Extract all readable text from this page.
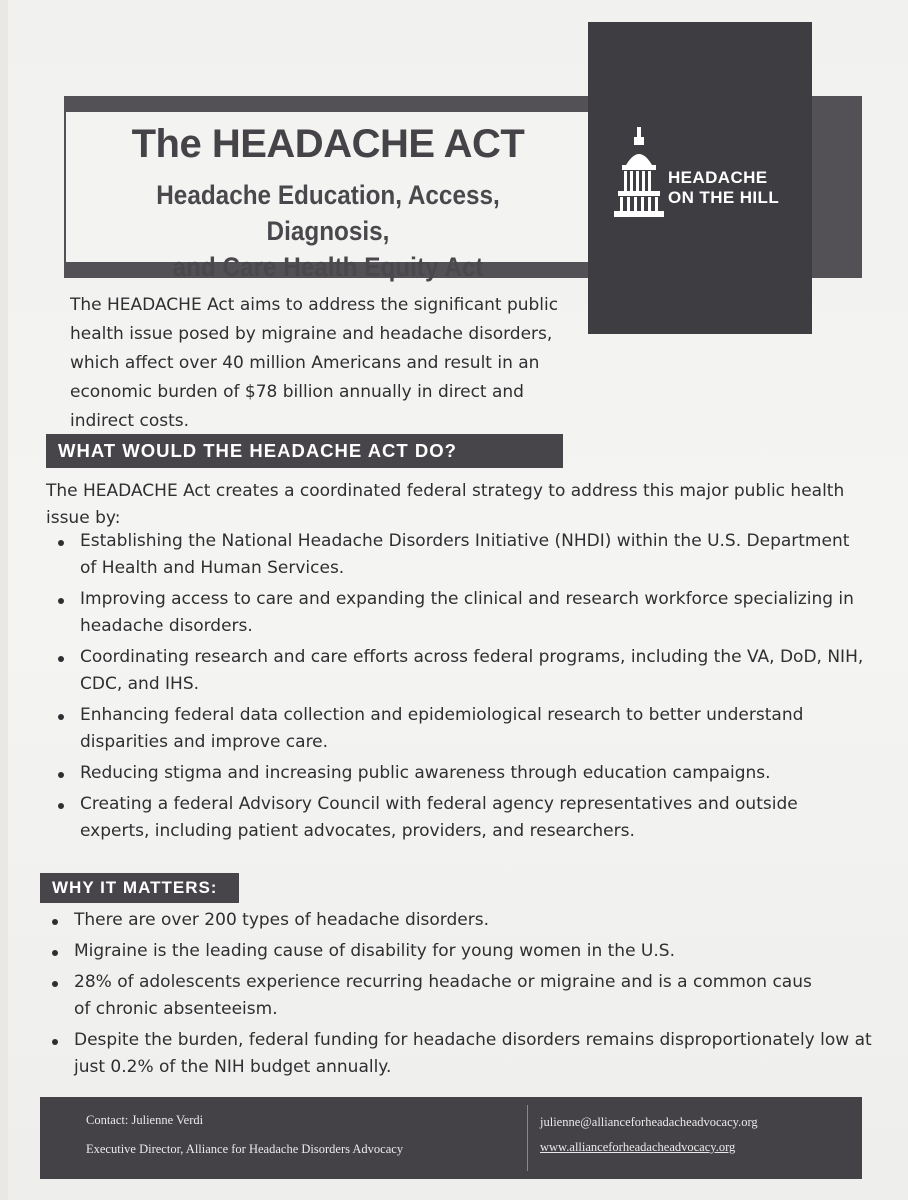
The HEADACHE ACT
Headache Education, Access, Diagnosis,
and Care Health Equity Act
HEADACHE
ON THE HILL

The HEADACHE Act aims to address the significant public health issue posed by migraine and headache disorders, which affect over 40 million Americans and result in an economic burden of $78 billion annually in direct and indirect costs.

WHAT WOULD THE HEADACHE ACT DO?

The HEADACHE Act creates a coordinated federal strategy to address this major public health issue by:

Establishing the National Headache Disorders Initiative (NHDI) within the U.S. Department of Health and Human Services.
Improving access to care and expanding the clinical and research workforce specializing in headache disorders.
Coordinating research and care efforts across federal programs, including the VA, DoD, NIH, CDC, and IHS.
Enhancing federal data collection and epidemiological research to better understand disparities and improve care.
Reducing stigma and increasing public awareness through education campaigns.
Creating a federal Advisory Council with federal agency representatives and outside experts, including patient advocates, providers, and researchers.
WHY IT MATTERS:
There are over 200 types of headache disorders.
Migraine is the leading cause of disability for young women in the U.S.
28% of adolescents experience recurring headache or migraine and is a common caus
of chronic absenteeism.
Despite the burden, federal funding for headache disorders remains disproportionately low at just 0.2% of the NIH budget annually.
Contact: Julienne Verdi
Executive Director, Alliance for Headache Disorders Advocacy
julienne@allianceforheadacheadvocacy.org
www.allianceforheadacheadvocacy.org
